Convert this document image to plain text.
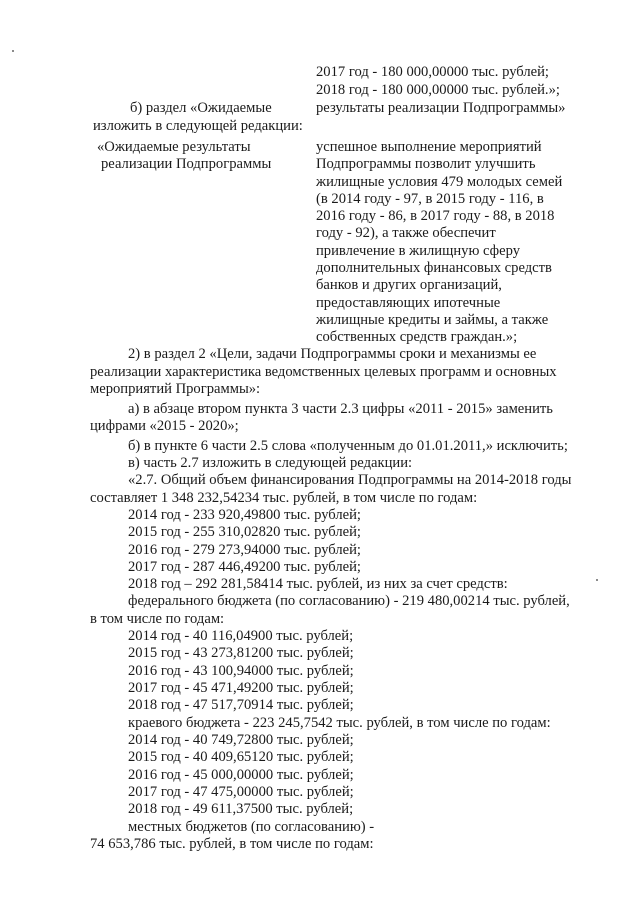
2017 год - 180 000,00000 тыс. рублей;
2018 год - 180 000,00000 тыс. рублей.»;
б) раздел «Ожидаемые	результаты реализации Подпрограммы»
изложить в следующей редакции:
«Ожидаемые результаты
реализации Подпрограммы
успешное выполнение мероприятий
Подпрограммы позволит улучшить
жилищные условия 479 молодых семей
(в 2014 году - 97, в 2015 году - 116, в
2016 году - 86, в 2017 году - 88, в 2018
году - 92), а также обеспечит
привлечение в жилищную сферу
дополнительных финансовых средств
банков и других организаций,
предоставляющих ипотечные
жилищные кредиты и займы, а также
собственных средств граждан.»;
2) в раздел 2 «Цели, задачи Подпрограммы сроки и механизмы ее
реализации характеристика ведомственных целевых программ и основных
мероприятий Программы»:
а) в абзаце втором пункта 3 части 2.3 цифры «2011 - 2015» заменить
цифрами «2015 - 2020»;
б) в пункте 6 части 2.5 слова «полученным до 01.01.2011,» исключить;
в) часть 2.7 изложить в следующей редакции:
«2.7. Общий объем финансирования Подпрограммы на 2014-2018 годы
составляет 1 348 232,54234 тыс. рублей, в том числе по годам:
2014 год - 233 920,49800 тыс. рублей;
2015 год - 255 310,02820 тыс. рублей;
2016 год - 279 273,94000 тыс. рублей;
2017 год - 287 446,49200 тыс. рублей;
2018 год – 292 281,58414 тыс. рублей, из них за счет средств:
федерального бюджета (по согласованию) - 219 480,00214 тыс. рублей,
в том числе по годам:
2014 год - 40 116,04900 тыс. рублей;
2015 год - 43 273,81200 тыс. рублей;
2016 год - 43 100,94000 тыс. рублей;
2017 год - 45 471,49200 тыс. рублей;
2018 год - 47 517,70914 тыс. рублей;
краевого бюджета - 223 245,7542 тыс. рублей, в том числе по годам:
2014 год - 40 749,72800 тыс. рублей;
2015 год - 40 409,65120 тыс. рублей;
2016 год - 45 000,00000 тыс. рублей;
2017 год - 47 475,00000 тыс. рублей;
2018 год - 49 611,37500 тыс. рублей;
местных бюджетов (по согласованию) -
74 653,786 тыс. рублей, в том числе по годам:
